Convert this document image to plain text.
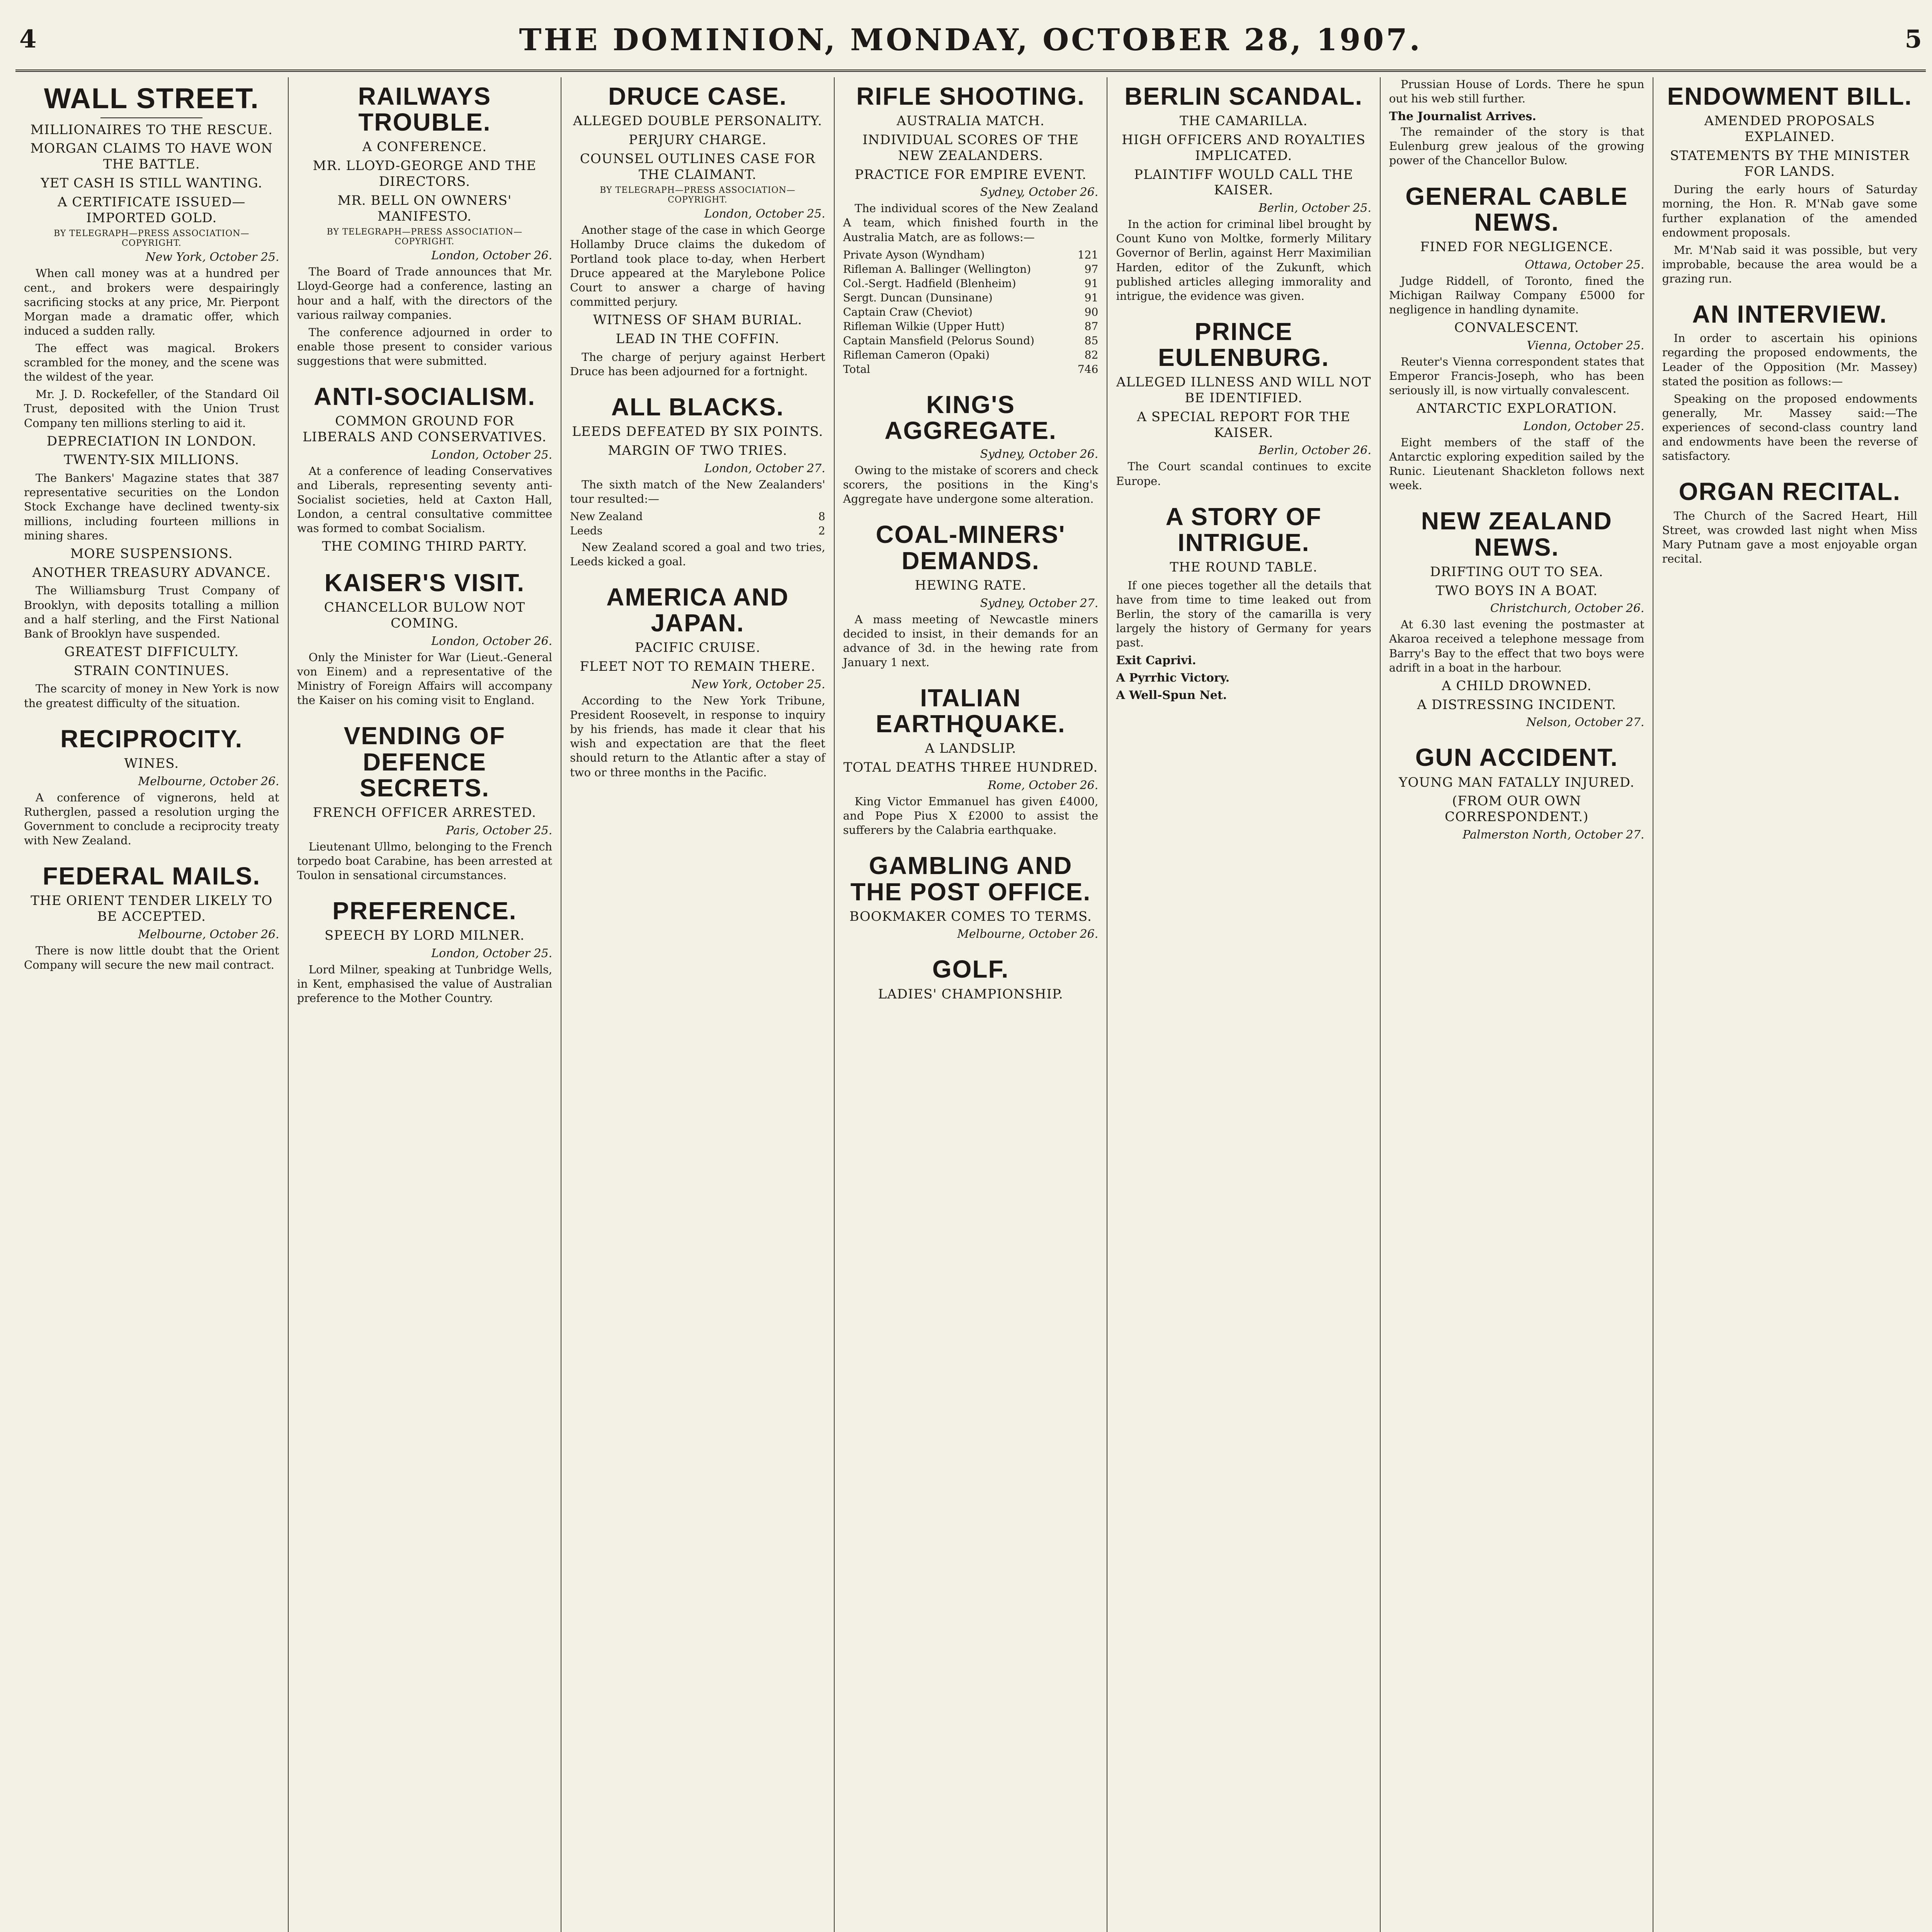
4	THE DOMINION, MONDAY, OCTOBER 28, 1907.	5
WALL STREET.
MILLIONAIRES TO THE RESCUE.
MORGAN CLAIMS TO HAVE WON THE BATTLE.
YET CASH IS STILL WANTING.
A CERTIFICATE ISSUED—IMPORTED GOLD.
BY TELEGRAPH—PRESS ASSOCIATION—COPYRIGHT.
New York, October 25.

When call money was at a hundred per cent., and brokers were despairingly sacrificing stocks at any price, Mr. Pierpont Morgan made a dramatic offer, which induced a sudden rally.

The effect was magical. Brokers scrambled for the money, and the scene was the wildest of the year.

Mr. J. D. Rockefeller, of the Standard Oil Trust, deposited with the Union Trust Company ten millions sterling to aid it.

DEPRECIATION IN LONDON.
TWENTY-SIX MILLIONS.

The Bankers' Magazine states that 387 representative securities on the London Stock Exchange have declined twenty-six millions, including fourteen millions in mining shares.

MORE SUSPENSIONS.
ANOTHER TREASURY ADVANCE.

The Williamsburg Trust Company of Brooklyn, with deposits totalling a million and a half sterling, and the First National Bank of Brooklyn have suspended.

GREATEST DIFFICULTY.
STRAIN CONTINUES.

The scarcity of money in New York is now the greatest difficulty of the situation.

RECIPROCITY.
WINES.
Melbourne, October 26.

A conference of vignerons, held at Rutherglen, passed a resolution urging the Government to conclude a reciprocity treaty with New Zealand.

FEDERAL MAILS.
THE ORIENT TENDER LIKELY TO BE ACCEPTED.
Melbourne, October 26.

There is now little doubt that the Orient Company will secure the new mail contract.

RAILWAYS TROUBLE.
A CONFERENCE.
MR. LLOYD-GEORGE AND THE DIRECTORS.
MR. BELL ON OWNERS' MANIFESTO.
BY TELEGRAPH—PRESS ASSOCIATION—COPYRIGHT.
London, October 26.

The Board of Trade announces that Mr. Lloyd-George had a conference, lasting an hour and a half, with the directors of the various railway companies.

The conference adjourned in order to enable those present to consider various suggestions that were submitted.

ANTI-SOCIALISM.
COMMON GROUND FOR LIBERALS AND CONSERVATIVES.
London, October 25.

At a conference of leading Conservatives and Liberals, representing seventy anti-Socialist societies, held at Caxton Hall, London, a central consultative committee was formed to combat Socialism.

THE COMING THIRD PARTY.
KAISER'S VISIT.
CHANCELLOR BULOW NOT COMING.
London, October 26.

Only the Minister for War (Lieut.-General von Einem) and a representative of the Ministry of Foreign Affairs will accompany the Kaiser on his coming visit to England.

VENDING OF DEFENCE SECRETS.
FRENCH OFFICER ARRESTED.
Paris, October 25.

Lieutenant Ullmo, belonging to the French torpedo boat Carabine, has been arrested at Toulon in sensational circumstances.

PREFERENCE.
SPEECH BY LORD MILNER.
London, October 25.

Lord Milner, speaking at Tunbridge Wells, in Kent, emphasised the value of Australian preference to the Mother Country.

DRUCE CASE.
ALLEGED DOUBLE PERSONALITY.
PERJURY CHARGE.
COUNSEL OUTLINES CASE FOR THE CLAIMANT.
BY TELEGRAPH—PRESS ASSOCIATION—COPYRIGHT.
London, October 25.

Another stage of the case in which George Hollamby Druce claims the dukedom of Portland took place to-day, when Herbert Druce appeared at the Marylebone Police Court to answer a charge of having committed perjury.

WITNESS OF SHAM BURIAL.
LEAD IN THE COFFIN.

The charge of perjury against Herbert Druce has been adjourned for a fortnight.

ALL BLACKS.
LEEDS DEFEATED BY SIX POINTS.
MARGIN OF TWO TRIES.
London, October 27.

The sixth match of the New Zealanders' tour resulted:—

New Zealand	8
Leeds	2

New Zealand scored a goal and two tries, Leeds kicked a goal.

AMERICA AND JAPAN.
PACIFIC CRUISE.
FLEET NOT TO REMAIN THERE.
New York, October 25.

According to the New York Tribune, President Roosevelt, in response to inquiry by his friends, has made it clear that his wish and expectation are that the fleet should return to the Atlantic after a stay of two or three months in the Pacific.

RIFLE SHOOTING.
AUSTRALIA MATCH.
INDIVIDUAL SCORES OF THE NEW ZEALANDERS.
PRACTICE FOR EMPIRE EVENT.
Sydney, October 26.

The individual scores of the New Zealand A team, which finished fourth in the Australia Match, are as follows:—

Private Ayson (Wyndham)	121
Rifleman A. Ballinger (Wellington)	97
Col.-Sergt. Hadfield (Blenheim)	91
Sergt. Duncan (Dunsinane)	91
Captain Craw (Cheviot)	90
Rifleman Wilkie (Upper Hutt)	87
Captain Mansfield (Pelorus Sound)	85
Rifleman Cameron (Opaki)	82
Total	746
KING'S AGGREGATE.
Sydney, October 26.

Owing to the mistake of scorers and check scorers, the positions in the King's Aggregate have undergone some alteration.

COAL-MINERS' DEMANDS.
HEWING RATE.
Sydney, October 27.

A mass meeting of Newcastle miners decided to insist, in their demands for an advance of 3d. in the hewing rate from January 1 next.

ITALIAN EARTHQUAKE.
A LANDSLIP.
TOTAL DEATHS THREE HUNDRED.
Rome, October 26.

King Victor Emmanuel has given £4000, and Pope Pius X £2000 to assist the sufferers by the Calabria earthquake.

GAMBLING AND THE POST OFFICE.
BOOKMAKER COMES TO TERMS.
Melbourne, October 26.
GOLF.
LADIES' CHAMPIONSHIP.
BERLIN SCANDAL.
THE CAMARILLA.
HIGH OFFICERS AND ROYALTIES IMPLICATED.
PLAINTIFF WOULD CALL THE KAISER.
Berlin, October 25.

In the action for criminal libel brought by Count Kuno von Moltke, formerly Military Governor of Berlin, against Herr Maximilian Harden, editor of the Zukunft, which published articles alleging immorality and intrigue, the evidence was given.

PRINCE EULENBURG.
ALLEGED ILLNESS AND WILL NOT BE IDENTIFIED.
A SPECIAL REPORT FOR THE KAISER.
Berlin, October 26.

The Court scandal continues to excite Europe.

A STORY OF INTRIGUE.
THE ROUND TABLE.

If one pieces together all the details that have from time to time leaked out from Berlin, the story of the camarilla is very largely the history of Germany for years past.

Exit Caprivi.
A Pyrrhic Victory.
A Well-Spun Net.

Prussian House of Lords. There he spun out his web still further.

The Journalist Arrives.

The remainder of the story is that Eulenburg grew jealous of the growing power of the Chancellor Bulow.

GENERAL CABLE NEWS.
FINED FOR NEGLIGENCE.
Ottawa, October 25.

Judge Riddell, of Toronto, fined the Michigan Railway Company £5000 for negligence in handling dynamite.

CONVALESCENT.
Vienna, October 25.

Reuter's Vienna correspondent states that Emperor Francis-Joseph, who has been seriously ill, is now virtually convalescent.

ANTARCTIC EXPLORATION.
London, October 25.

Eight members of the staff of the Antarctic exploring expedition sailed by the Runic. Lieutenant Shackleton follows next week.

NEW ZEALAND NEWS.
DRIFTING OUT TO SEA.
TWO BOYS IN A BOAT.
Christchurch, October 26.

At 6.30 last evening the postmaster at Akaroa received a telephone message from Barry's Bay to the effect that two boys were adrift in a boat in the harbour.

A CHILD DROWNED.
A DISTRESSING INCIDENT.
Nelson, October 27.
GUN ACCIDENT.
YOUNG MAN FATALLY INJURED.
(FROM OUR OWN CORRESPONDENT.)
Palmerston North, October 27.
ENDOWMENT BILL.
AMENDED PROPOSALS EXPLAINED.
STATEMENTS BY THE MINISTER FOR LANDS.

During the early hours of Saturday morning, the Hon. R. M'Nab gave some further explanation of the amended endowment proposals.

Mr. M'Nab said it was possible, but very improbable, because the area would be a grazing run.

AN INTERVIEW.

In order to ascertain his opinions regarding the proposed endowments, the Leader of the Opposition (Mr. Massey) stated the position as follows:—

Speaking on the proposed endowments generally, Mr. Massey said:—The experiences of second-class country land and endowments have been the reverse of satisfactory.

ORGAN RECITAL.

The Church of the Sacred Heart, Hill Street, was crowded last night when Miss Mary Putnam gave a most enjoyable organ recital.
